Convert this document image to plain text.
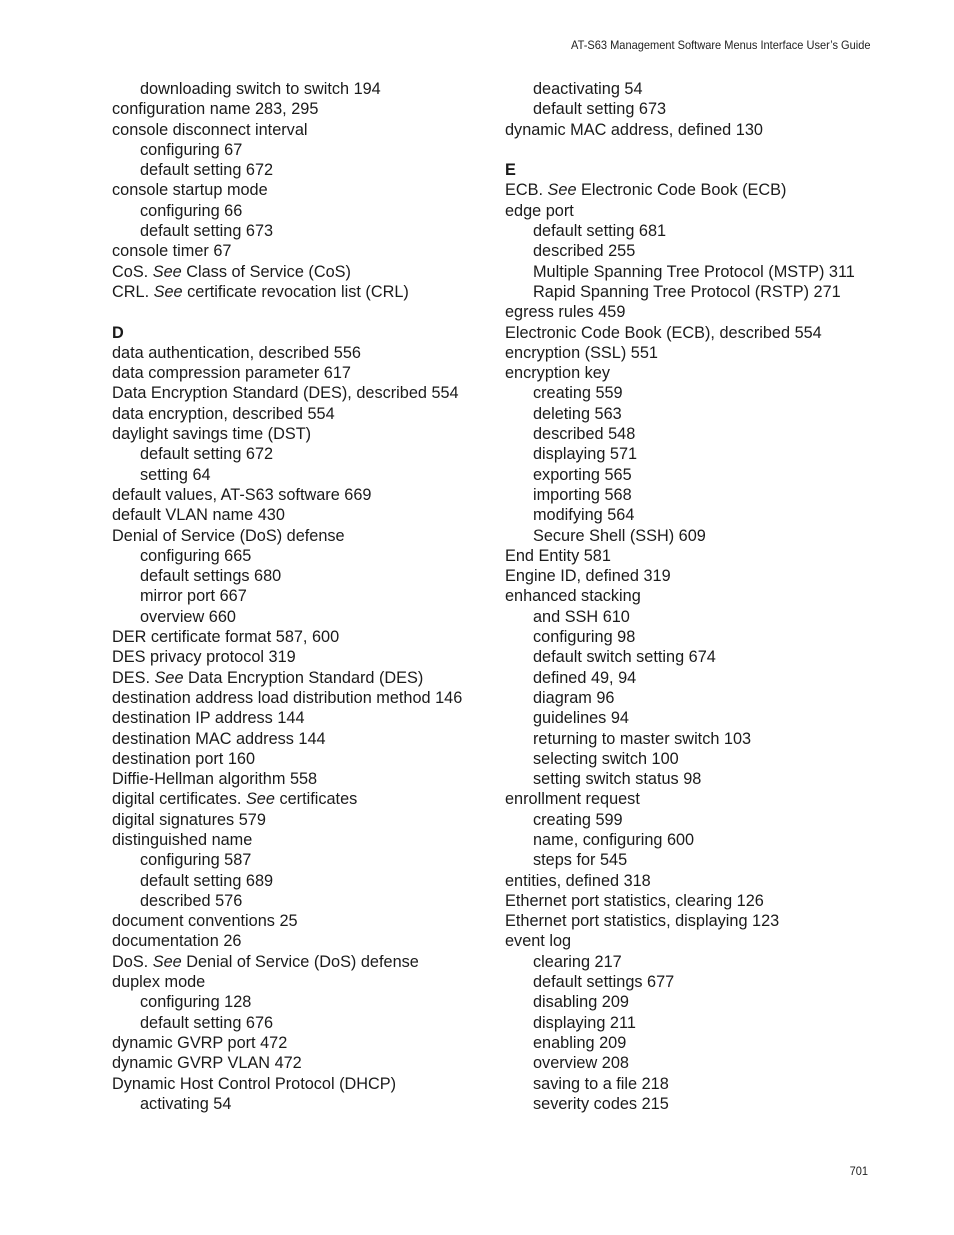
AT-S63 Management Software Menus Interface User’s Guide
downloading switch to switch 194
configuration name 283, 295
console disconnect interval
configuring 67
default setting 672
console startup mode
configuring 66
default setting 673
console timer 67
CoS. See Class of Service (CoS)
CRL. See certificate revocation list (CRL)
D
data authentication, described 556
data compression parameter 617
Data Encryption Standard (DES), described 554
data encryption, described 554
daylight savings time (DST)
default setting 672
setting 64
default values, AT-S63 software 669
default VLAN name 430
Denial of Service (DoS) defense
configuring 665
default settings 680
mirror port 667
overview 660
DER certificate format 587, 600
DES privacy protocol 319
DES. See Data Encryption Standard (DES)
destination address load distribution method 146
destination IP address 144
destination MAC address 144
destination port 160
Diffie-Hellman algorithm 558
digital certificates. See certificates
digital signatures 579
distinguished name
configuring 587
default setting 689
described 576
document conventions 25
documentation 26
DoS. See Denial of Service (DoS) defense
duplex mode
configuring 128
default setting 676
dynamic GVRP port 472
dynamic GVRP VLAN 472
Dynamic Host Control Protocol (DHCP)
activating 54
deactivating 54
default setting 673
dynamic MAC address, defined 130
E
ECB. See Electronic Code Book (ECB)
edge port
default setting 681
described 255
Multiple Spanning Tree Protocol (MSTP) 311
Rapid Spanning Tree Protocol (RSTP) 271
egress rules 459
Electronic Code Book (ECB), described 554
encryption (SSL) 551
encryption key
creating 559
deleting 563
described 548
displaying 571
exporting 565
importing 568
modifying 564
Secure Shell (SSH) 609
End Entity 581
Engine ID, defined 319
enhanced stacking
and SSH 610
configuring 98
default switch setting 674
defined 49, 94
diagram 96
guidelines 94
returning to master switch 103
selecting switch 100
setting switch status 98
enrollment request
creating 599
name, configuring 600
steps for 545
entities, defined 318
Ethernet port statistics, clearing 126
Ethernet port statistics, displaying 123
event log
clearing 217
default settings 677
disabling 209
displaying 211
enabling 209
overview 208
saving to a file 218
severity codes 215
701
